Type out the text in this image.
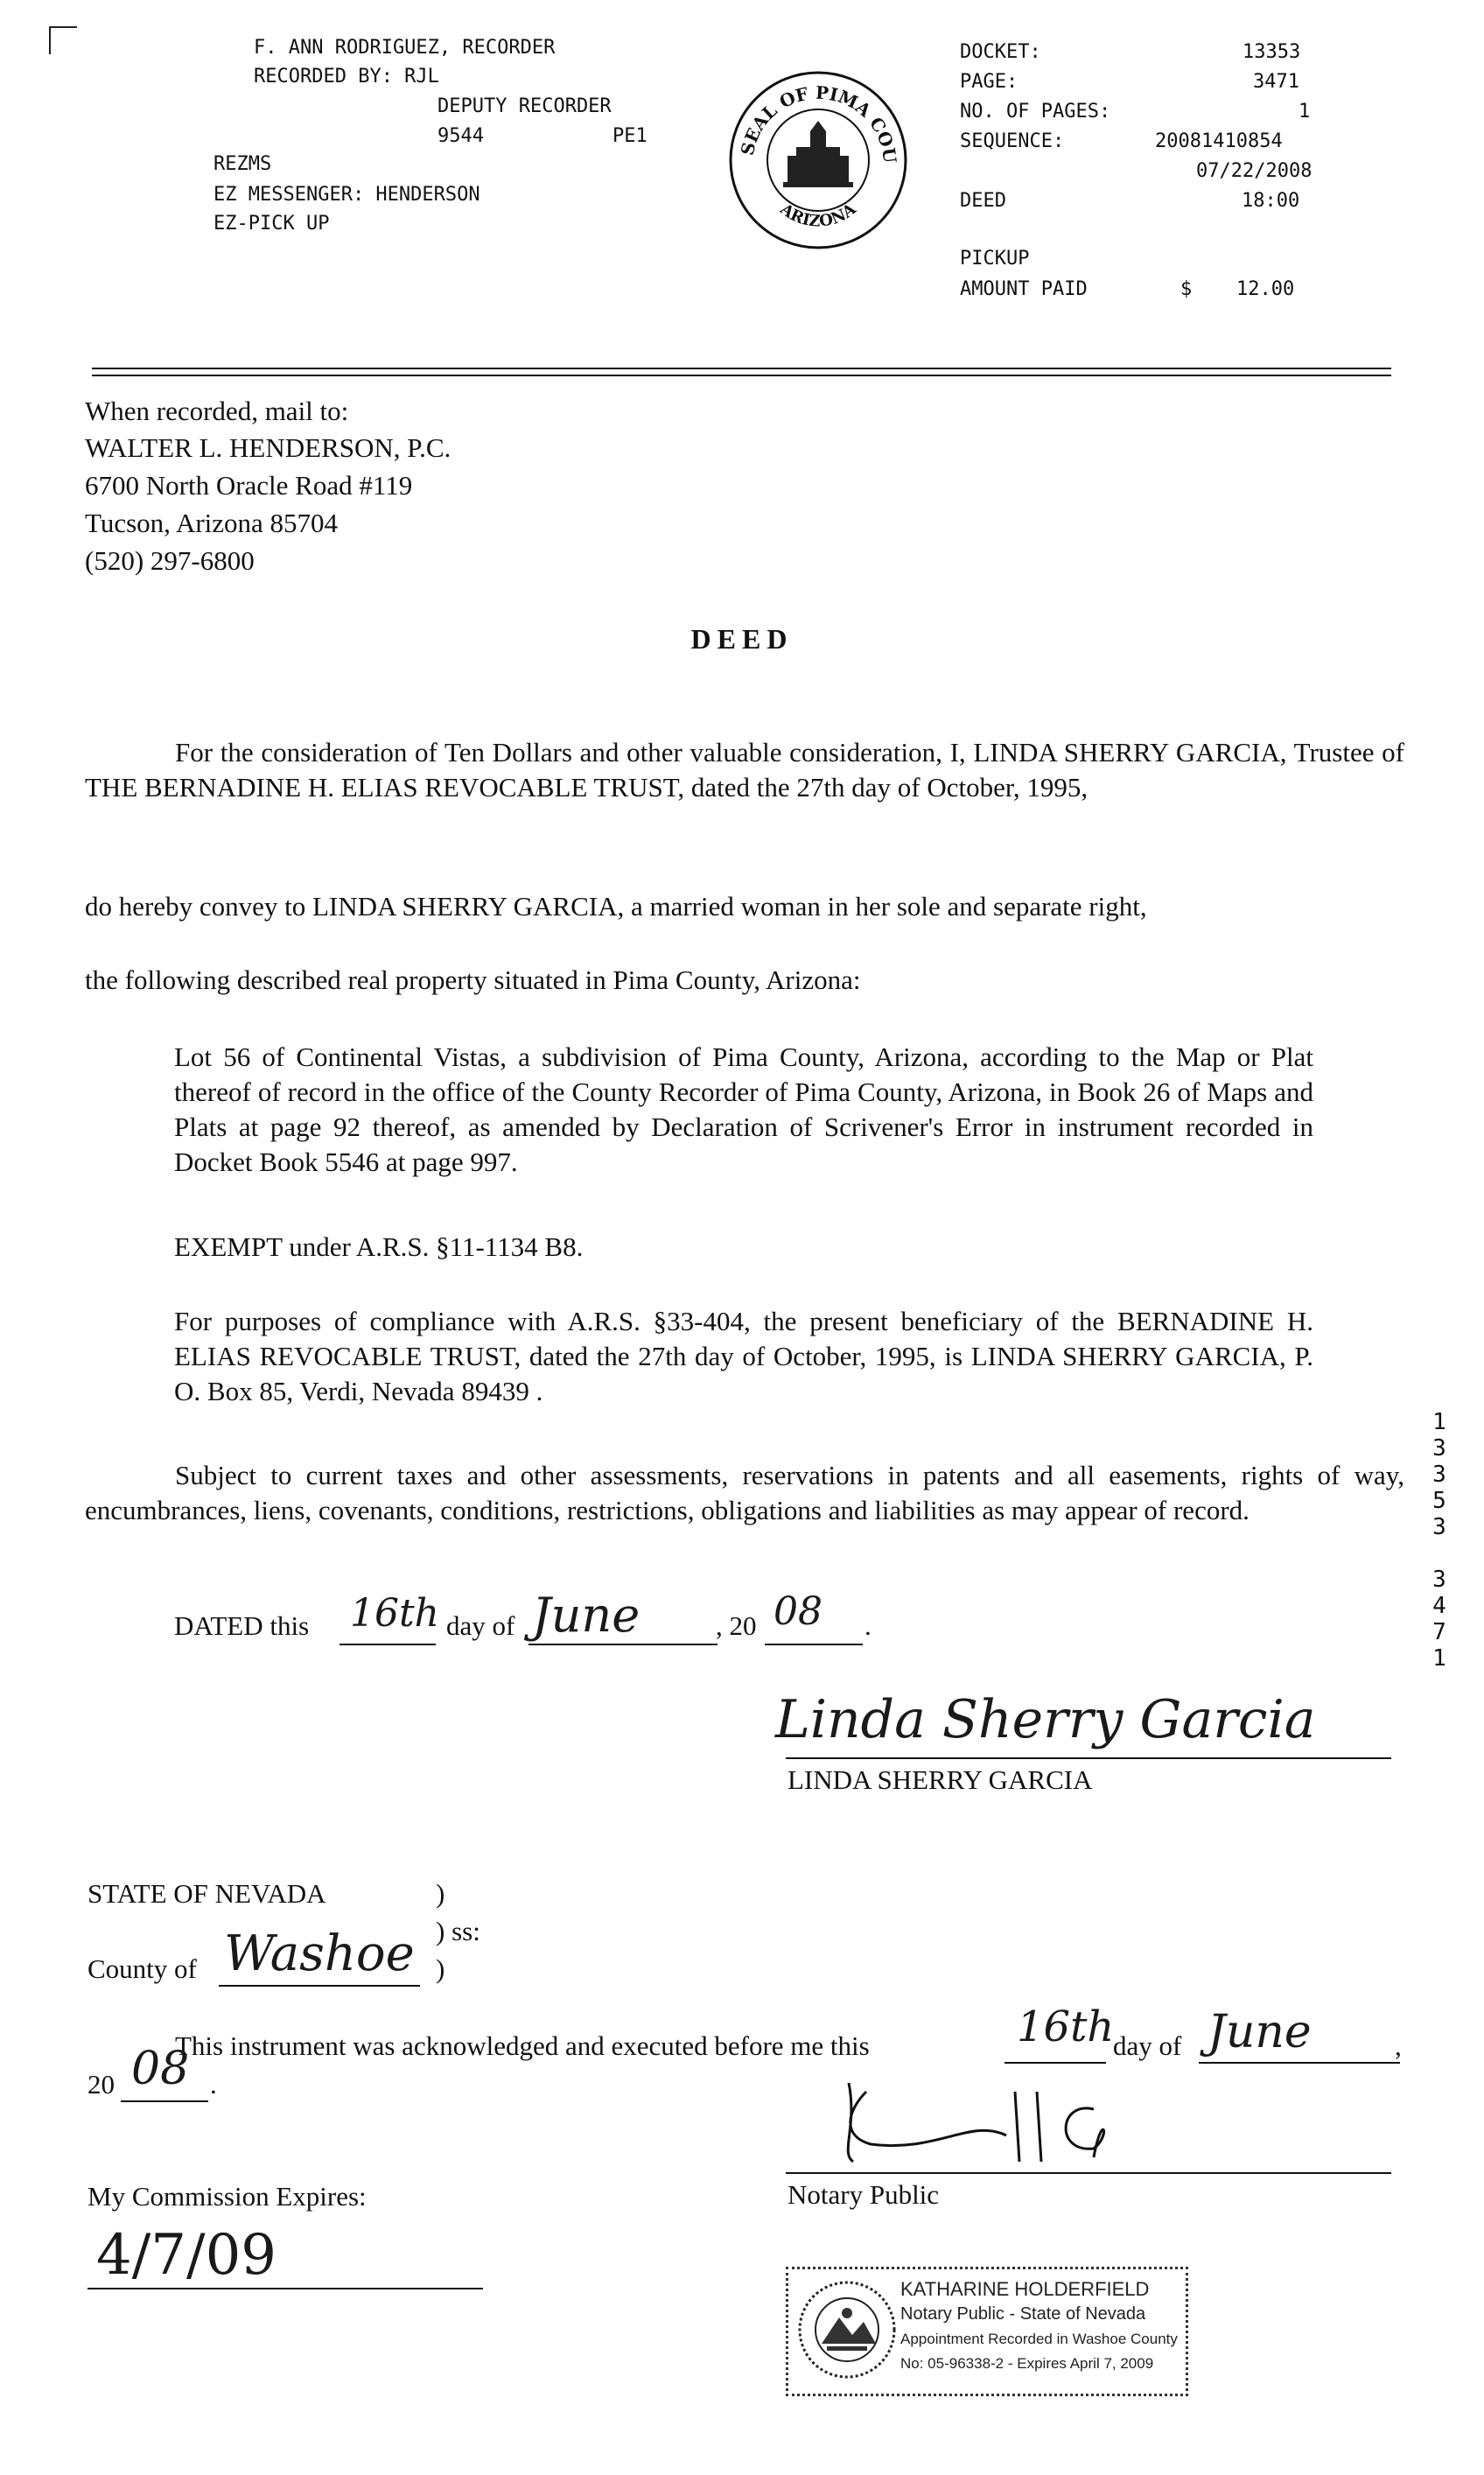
F. ANN RODRIGUEZ, RECORDER
RECORDED BY: RJL
DEPUTY RECORDER
9544	PE1
REZMS
EZ MESSENGER: HENDERSON
EZ-PICK UP
SEAL OF PIMA COU
ARIZONA
DOCKET:	13353
PAGE:	3471
NO. OF PAGES:	1
SEQUENCE:	20081410854
07/22/2008
DEED	18:00
PICKUP
AMOUNT PAID	$ 12.00
When recorded, mail to:
WALTER L. HENDERSON, P.C.
6700 North Oracle Road #119
Tucson, Arizona 85704
(520) 297-6800
DEED
For the consideration of Ten Dollars and other valuable consideration, I, LINDA SHERRY GARCIA, Trustee of THE BERNADINE H. ELIAS REVOCABLE TRUST, dated the 27th day of October, 1995,
do hereby convey to LINDA SHERRY GARCIA, a married woman in her sole and separate right,
the following described real property situated in Pima County, Arizona:
Lot 56 of Continental Vistas, a subdivision of Pima County, Arizona, according to the Map or Plat thereof of record in the office of the County Recorder of Pima County, Arizona, in Book 26 of Maps and Plats at page 92 thereof, as amended by Declaration of Scrivener's Error in instrument recorded in Docket Book 5546 at page 997.
EXEMPT under A.R.S. §11-1134 B8.
For purposes of compliance with A.R.S. §33-404, the present beneficiary of the BERNADINE H. ELIAS REVOCABLE TRUST, dated the 27th day of October, 1995, is LINDA SHERRY GARCIA, P. O. Box 85, Verdi, Nevada 89439 .
Subject to current taxes and other assessments, reservations in patents and all easements, rights of way, encumbrances, liens, covenants, conditions, restrictions, obligations and liabilities as may appear of record.
DATED this 16th day of June	, 20 08 .
Linda Sherry Garcia
LINDA SHERRY GARCIA
STATE OF NEVADA	)
) ss:
County of Washoe )
This instrument was acknowledged and executed before me this	16th
day of June	,
20 08 .
Notary Public
My Commission Expires:
4/7/09
KATHARINE HOLDERFIELD
Notary Public - State of Nevada
Appointment Recorded in Washoe County
No: 05-96338-2 - Expires April 7, 2009
1
3
3
5
3
3
4
7
1
